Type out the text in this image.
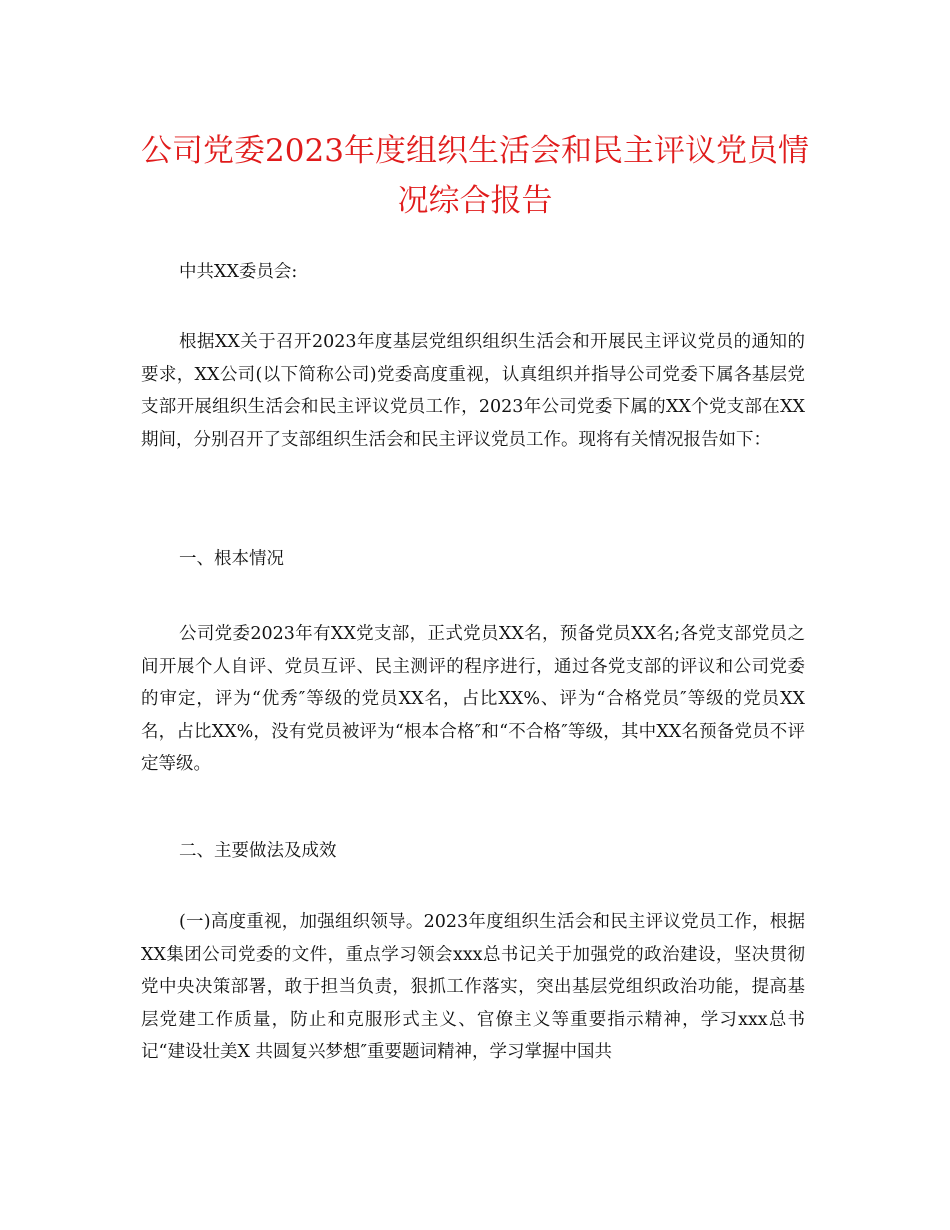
公司党委2023年度组织生活会和民主评议党员情况综合报告

中共XX委员会:

根据XX关于召开2023年度基层党组织组织生活会和开展民主评议党员的通知的要求，XX公司(以下简称公司)党委高度重视，认真组织并指导公司党委下属各基层党支部开展组织生活会和民主评议党员工作，2023年公司党委下属的XX个党支部在XX期间，分别召开了支部组织生活会和民主评议党员工作。现将有关情况报告如下：

一、根本情况

公司党委2023年有XX党支部，正式党员XX名，预备党员XX名;各党支部党员之间开展个人自评、党员互评、民主测评的程序进行，通过各党支部的评议和公司党委的审定，评为“优秀″等级的党员XX名，占比XX%、评为“合格党员″等级的党员XX名，占比XX%，没有党员被评为“根本合格″和“不合格″等级，其中XX名预备党员不评定等级。

二、主要做法及成效

(一)高度重视，加强组织领导。2023年度组织生活会和民主评议党员工作，根据XX集团公司党委的文件，重点学习领会xxx总书记关于加强党的政治建设，坚决贯彻党中央决策部署，敢于担当负责，狠抓工作落实，突出基层党组织政治功能，提高基层党建工作质量，防止和克服形式主义、官僚主义等重要指示精神，学习xxx总书记“建设壮美X 共圆复兴梦想″重要题词精神，学习掌握中国共
